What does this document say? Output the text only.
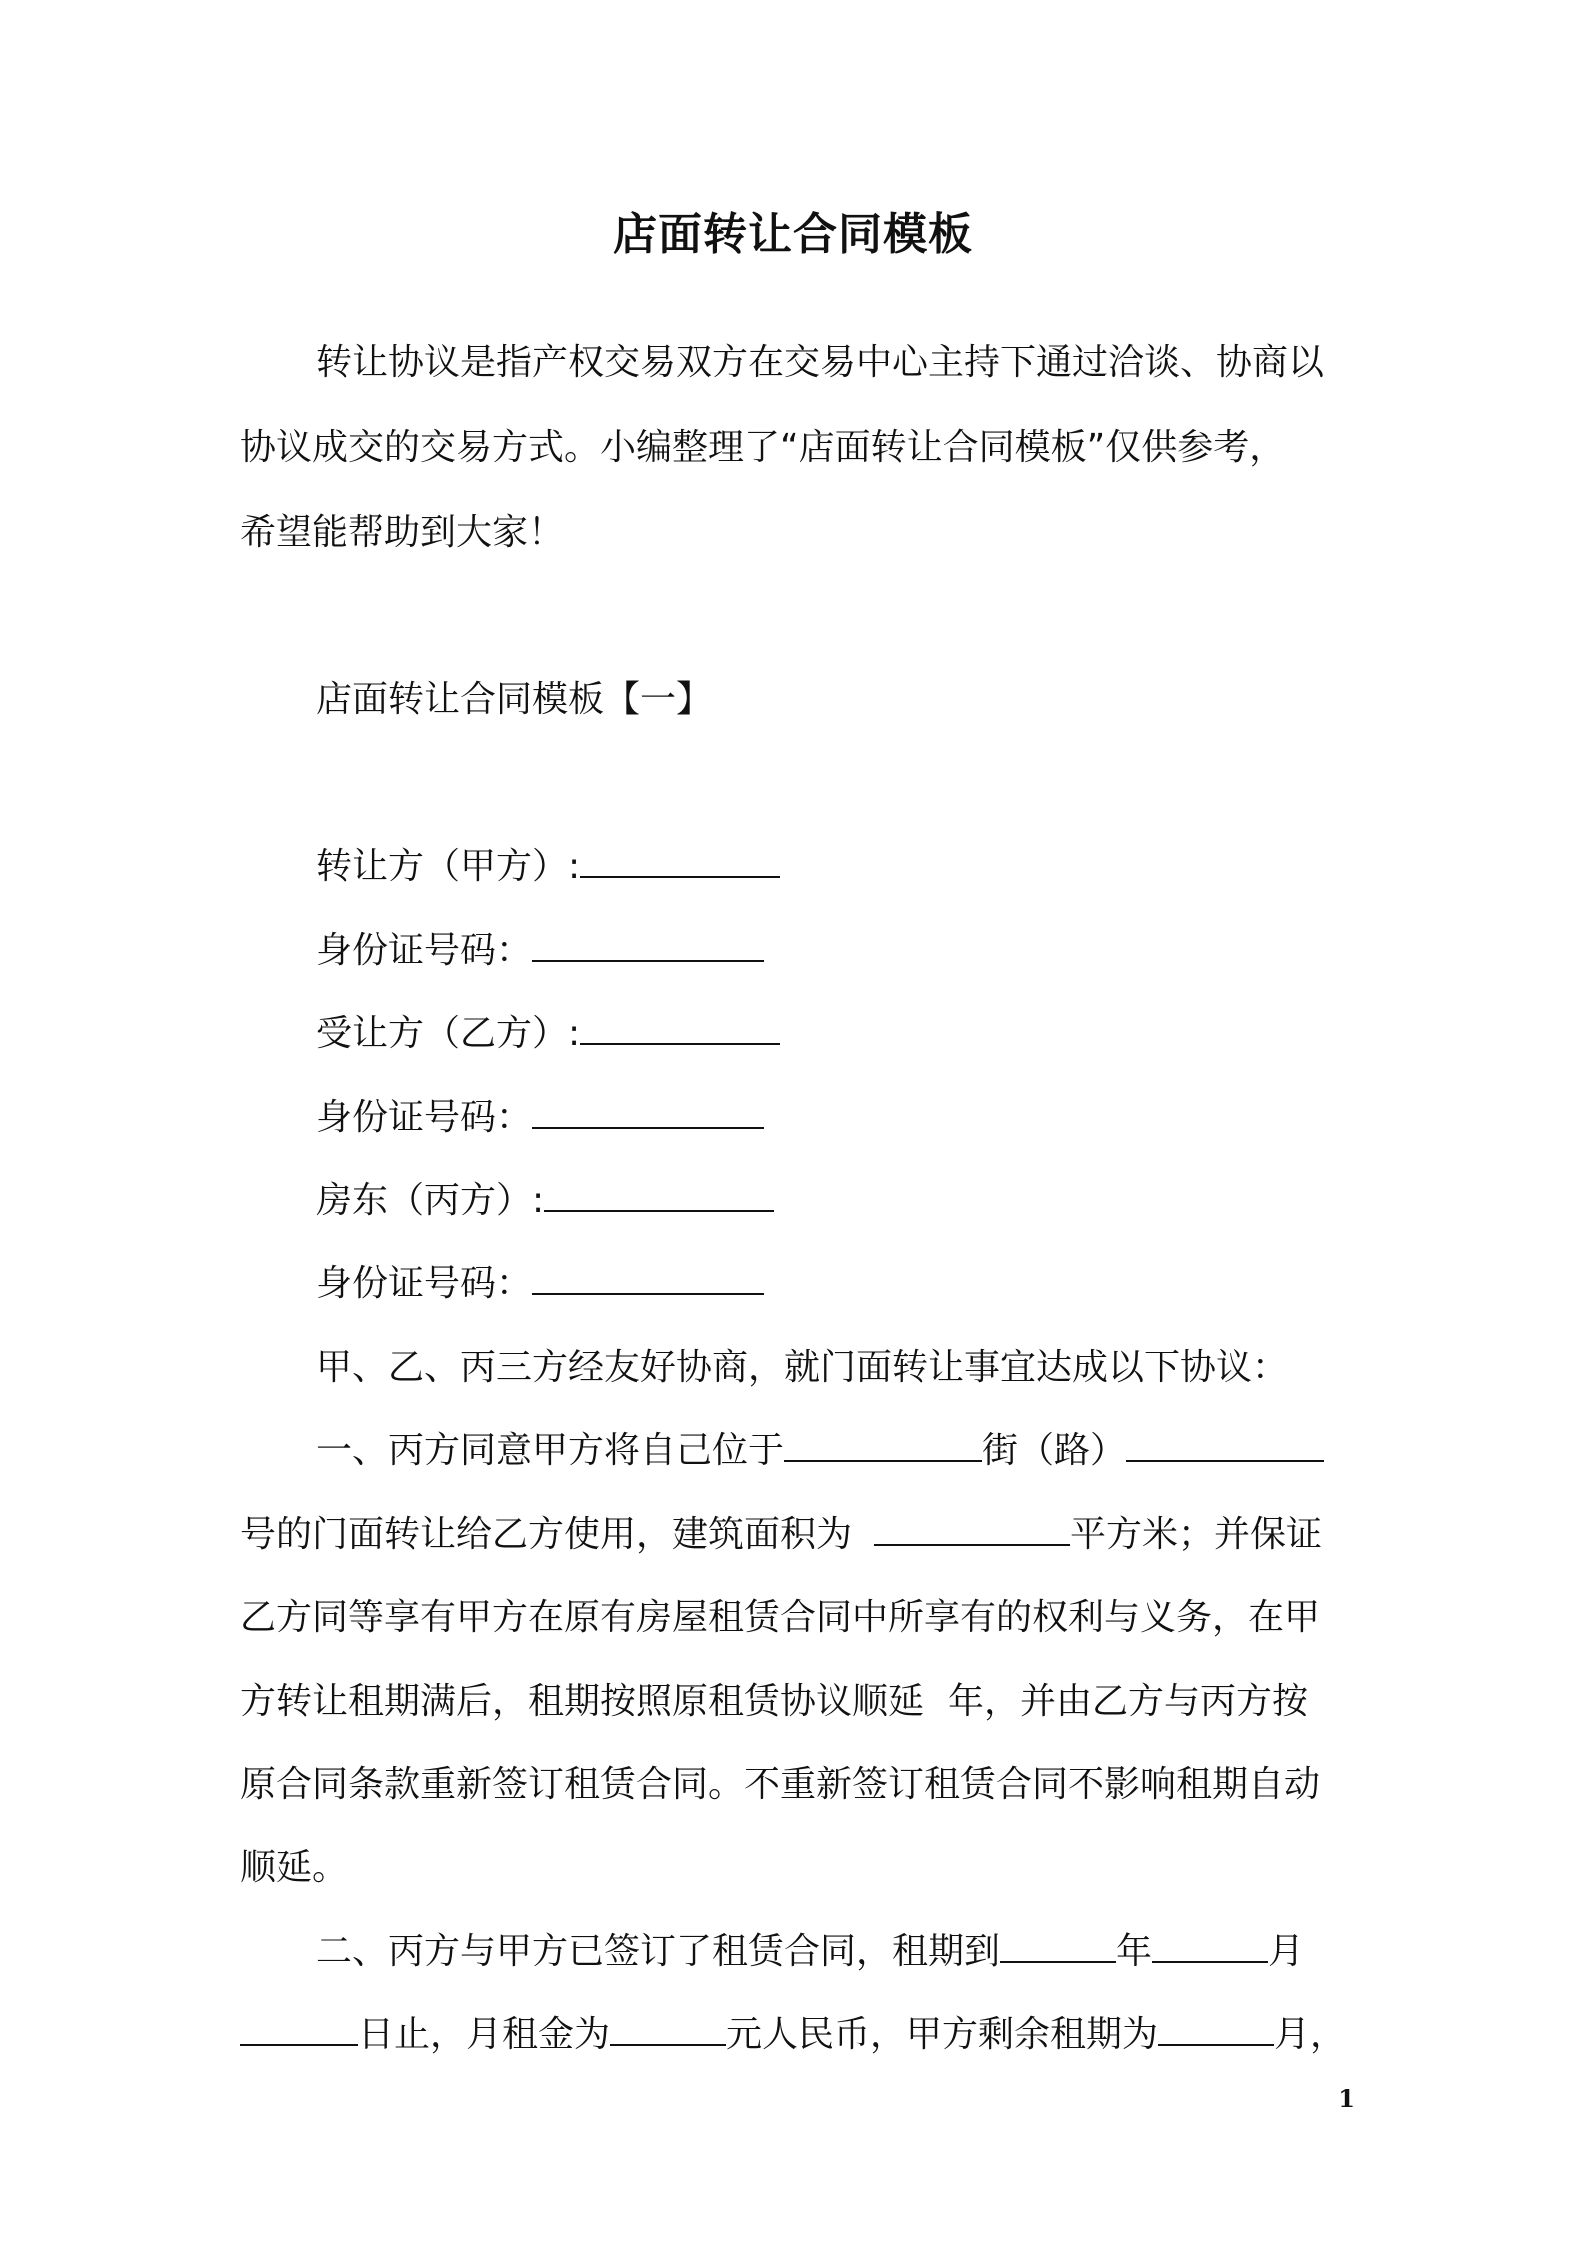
店面转让合同模板
转让协议是指产权交易双方在交易中心主持下通过洽谈、协商以
协议成交的交易方式。小编整理了“店面转让合同模板”仅供参考，
希望能帮助到大家！
店面转让合同模板【一】
转让方（甲方）:
身份证号码：
受让方（乙方）:
身份证号码：
房东（丙方）:
身份证号码：
甲、乙、丙三方经友好协商，就门面转让事宜达成以下协议：
一、丙方同意甲方将自己位于	街（路）
号的门面转让给乙方使用，建筑面积为	平方米；并保证
乙方同等享有甲方在原有房屋租赁合同中所享有的权利与义务，在甲
方转让租期满后，租期按照原租赁协议顺延 年，并由乙方与丙方按
原合同条款重新签订租赁合同。不重新签订租赁合同不影响租期自动
顺延。
二、丙方与甲方已签订了租赁合同，租期到	年	月
日止，月租金为	元人民币，甲方剩余租期为	月，
1
